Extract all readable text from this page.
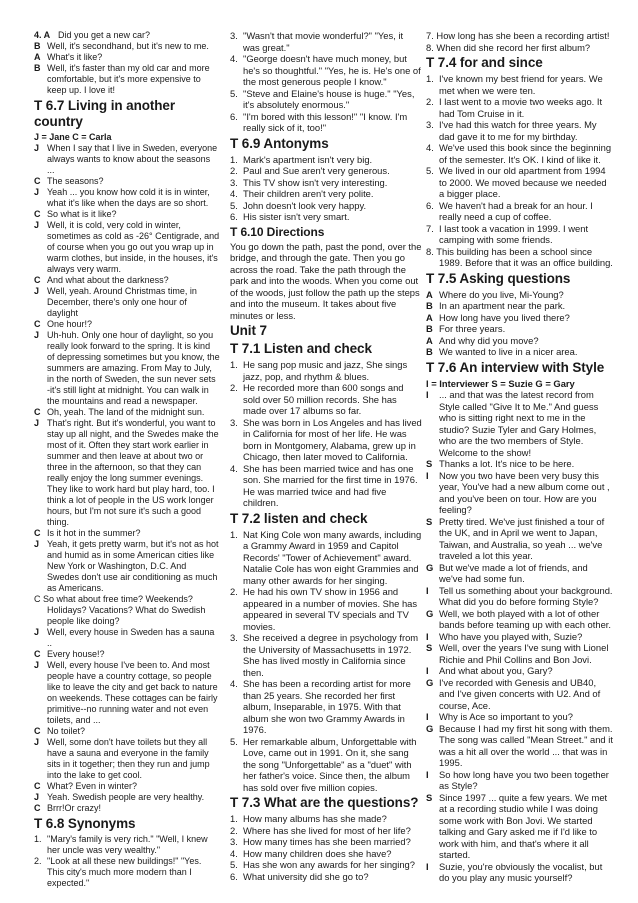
4. A Did you get a new car?
B Well, it's secondhand, but it's new to me.
A What's it like?
B Well, it's faster than my old car and more comfortable, but it's more expensive to keep up. I love it!
T 6.7 Living in another country
J = Jane C = Carla
J When I say that I live in Sweden, everyone always wants to know about the seasons ...
C The seasons?
J Yeah ... you know how cold it is in winter, what it's like when the days are so short.
C So what is it like?
J Well, it is cold, very cold in winter, sometimes as cold as -26° Centigrade, and of course when you go out you wrap up in warm clothes, but inside, in the houses, it's always very warm.
C And what about the darkness?
J Well, yeah. Around Christmas time, in December, there's only one hour of daylight
C One hour!?
J Uh-huh. Only one hour of daylight, so you really look forward to the spring. It is kind of depressing sometimes but you know, the summers are amazing. From May to July, in the north of Sweden, the sun never sets -it's still light at midnight. You can walk in the mountains and read a newspaper.
C Oh, yeah. The land of the midnight sun.
J That's right. But it's wonderful, you want to stay up all night, and the Swedes make the most of it. Often they start work earlier in summer and then leave at about two or three in the afternoon, so that they can really enjoy the long summer evenings. They like to work hard but play hard, too. I think a lot of people in the US work longer hours, but I'm not sure it's such a good thing.
C Is it hot in the summer?
J Yeah, it gets pretty warm, but it's not as hot and humid as in some American cities like New York or Washington, D.C. And Swedes don't use air conditioning as much as Americans.
C So what about free time? Weekends? Holidays? Vacations? What do Swedish people like doing?
J Well, every house in Sweden has a sauna ..
C Every house!?
J Well, every house I've been to. And most people have a country cottage, so people like to leave the city and get back to nature on weekends. These cottages can be fairly primitive--no running water and not even toilets, and ...
C No toilet?
J Well, some don't have toilets but they all have a sauna and everyone in the family sits in it together; then they run and jump into the lake to get cool.
C What? Even in winter?
J Yeah. Swedish people are very healthy.
C Brrr!Or crazy!
T 6.8 Synonyms
1. "Mary's family is very rich." "Well, I knew her uncle was very wealthy."
2. "Look at all these new buildings!" "Yes. This city's much more modern than I expected."
3. "Wasn't that movie wonderful?" "Yes, it was great."
4. "George doesn't have much money, but he's so thoughtful." "Yes, he is. He's one of the most generous people I know."
5. "Steve and Elaine's house is huge." "Yes, it's absolutely enormous."
6. "I'm bored with this lesson!" "I know. I'm really sick of it, too!"
T 6.9 Antonyms
1. Mark's apartment isn't very big.
2. Paul and Sue aren't very generous.
3. This TV show isn't very interesting.
4. Their children aren't very polite.
5. John doesn't look very happy.
6. His sister isn't very smart.
T 6.10 Directions
You go down the path, past the pond, over the bridge, and through the gate. Then you go across the road. Take the path through the park and into the woods. When you come out of the woods, just follow the path up the steps and into the museum. It takes about five minutes or less.
Unit 7
T 7.1 Listen and check
1. He sang pop music and jazz, She sings jazz, pop, and rhythm & blues.
2. He recorded more than 600 songs and sold over 50 million records. She has made over 17 albums so far.
3. She was born in Los Angeles and has lived in California for most of her life. He was born in Montgomery, Alabama, grew up in Chicago, then later moved to California.
4. She has been married twice and has one son. She married for the first time in 1976. He was married twice and had five children.
T 7.2 listen and check
1. Nat King Cole won many awards, including a Grammy Award in 1959 and Capitol Records' "Tower of Achievement" award. Natalie Cole has won eight Grammies and many other awards for her singing.
2. He had his own TV show in 1956 and appeared in a number of movies. She has appeared in several TV specials and TV movies.
3. She received a degree in psychology from the University of Massachusetts in 1972. She has lived mostly in California since then.
4. She has been a recording artist for more than 25 years. She recorded her first album, Inseparable, in 1975. With that album she won two Grammy Awards in 1976.
5. Her remarkable album, Unforgettable with Love, came out in 1991. On it, she sang the song "Unforgettable" as a "duet" with her father's voice. Since then, the album has sold over five million copies.
T 7.3 What are the questions?
1. How many albums has she made?
2. Where has she lived for most of her life?
3. How many times has she been married?
4. How many children does she have?
5. Has she won any awards for her singing?
6. What university did she go to?
7. How long has she been a recording artist!
8. When did she record her first album?
T 7.4 for and since
1. I've known my best friend for years. We met when we were ten.
2. I last went to a movie two weeks ago. It had Tom Cruise in it.
3. I've had this watch for three years. My dad gave it to me for my birthday.
4. We've used this book since the beginning of the semester. It's OK. I kind of like it.
5. We lived in our old apartment from 1994 to 2000. We moved because we needed a bigger place.
6. We haven't had a break for an hour. I really need a cup of coffee.
7. I last took a vacation in 1999. I went camping with some friends.
8. This building has been a school since 1989. Before that it was an office building.
T 7.5 Asking questions
A Where do you live, Mi-Young?
B In an apartment near the park.
A How long have you lived there?
B For three years.
A And why did you move?
B We wanted to live in a nicer area.
T 7.6 An interview with Style
I = Interviewer S = Suzie G = Gary
I	... and that was the latest record from Style called "Give It to Me." And guess who is sitting right next to me in the studio? Suzie Tyler and Gary Holmes, who are the two members of Style. Welcome to the show!
S Thanks a lot. It's nice to be here.
I	Now you two have been very busy this year, You've had a new album come out , and you've been on tour. How are you feeling?
S Pretty tired. We've just finished a tour of the UK, and in April we went to Japan, Taiwan, and Australia, so yeah ... we've traveled a lot this year.
G But we've made a lot of friends, and we've had some fun.
I	Tell us something about your background. What did you do before forming Style?
G Well, we both played with a lot of other bands before teaming up with each other.
I	Who have you played with, Suzie?
S Well, over the years I've sung with Lionel Richie and Phil Collins and Bon Jovi.
I	And what about you, Gary?
G I've recorded with Genesis and UB40, and I've given concerts with U2. And of course, Ace.
I	Why is Ace so important to you?
G Because I had my first hit song with them. The song was called "Mean Street." and it was a hit all over the world ... that was in 1995.
I	So how long have you two been together as Style?
S Since 1997 ... quite a few years. We met at a recording studio while I was doing some work with Bon Jovi. We started talking and Gary asked me if I'd like to work with him, and that's where it all started.
I	Suzie, you're obviously the vocalist, but do you play any music yourself?
